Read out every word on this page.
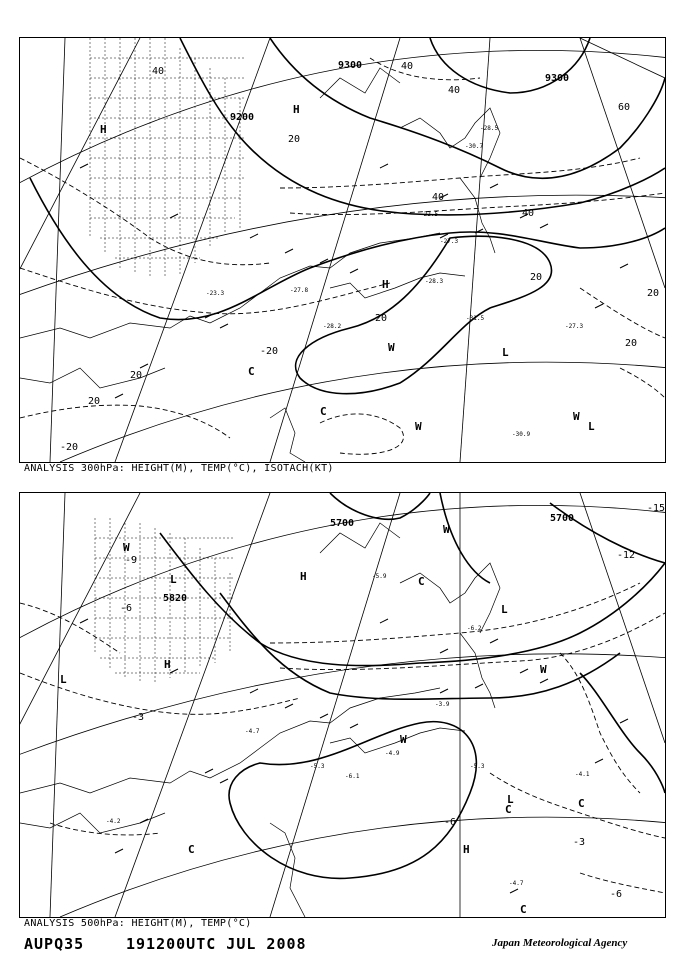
9300
9300
9200
40	40
40
60
20
40
40
20
20
20
20
-20
-20
20
20
H
H
H
C
C
W
W
W
L
L
-23.3	-27.8
-28.2
-22.5
-27.3
-28.3
-30.7
-28.5
-31.5
-27.3
-30.9
ANALYSIS 300hPa: HEIGHT(M), TEMP(°C), ISOTACH(KT)
5700	5700
5820
-15
-12
-9
-6
-3
-3
-6
-6
W
H
L	C
W
L
H
C
L
C	C
W
H
C
L
W
-4.7
-5.3
-6.1
-4.9
-3.9
-4.1
-4.7
-5.9
-6.2
-4.2
-5.3
ANALYSIS 500hPa: HEIGHT(M), TEMP(°C)
AUPQ35	191200UTC JUL 2008	Japan Meteorological Agency
